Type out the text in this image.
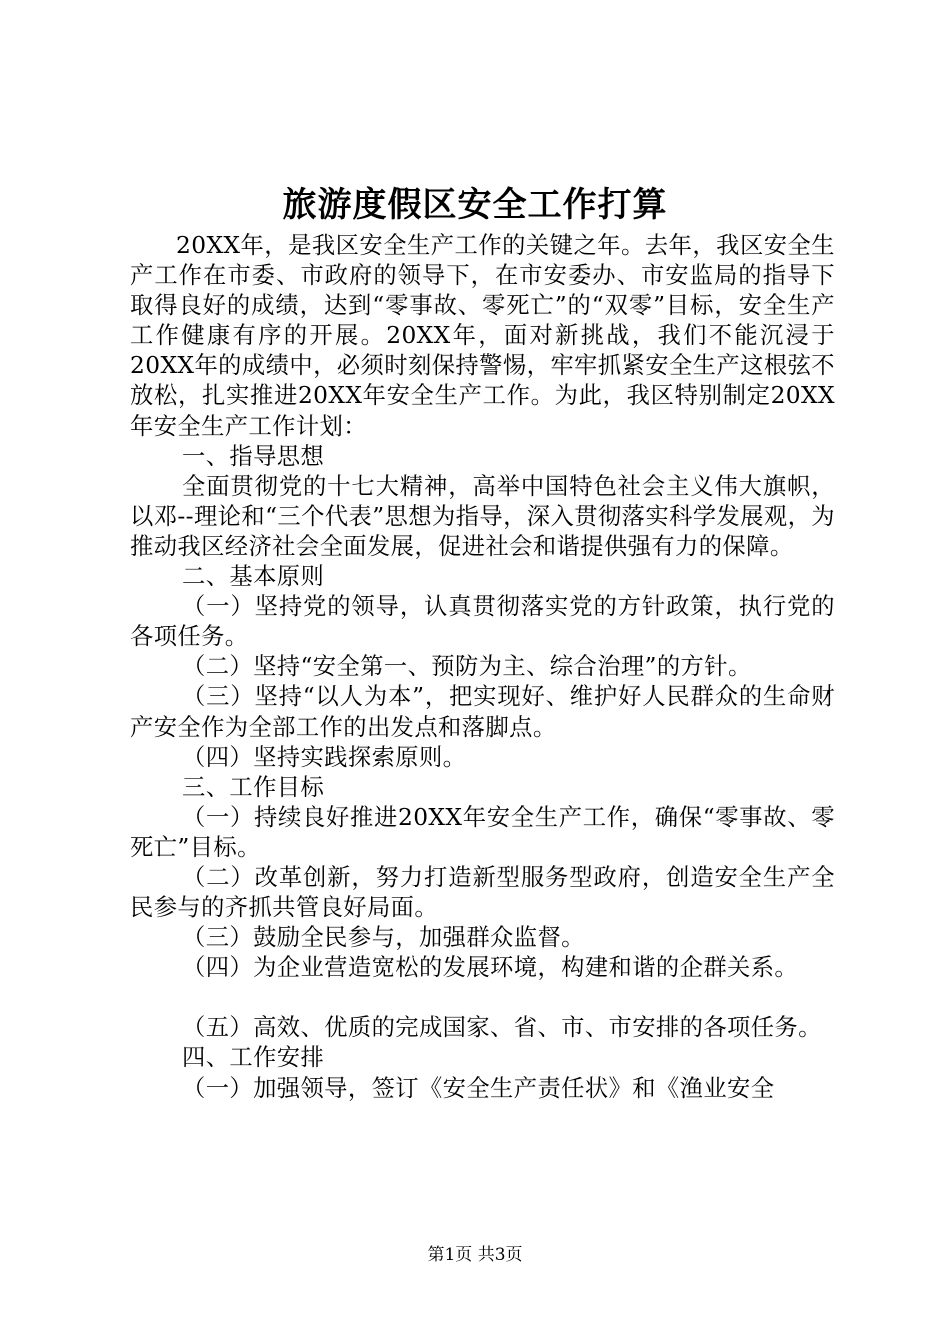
旅游度假区安全工作打算

20XX年，是我区安全生产工作的关键之年。去年，我区安全生产工作在市委、市政府的领导下，在市安委办、市安监局的指导下取得良好的成绩，达到“零事故、零死亡”的“双零”目标，安全生产工作健康有序的开展。20XX年，面对新挑战，我们不能沉浸于20XX年的成绩中，必须时刻保持警惕，牢牢抓紧安全生产这根弦不放松，扎实推进20XX年安全生产工作。为此，我区特别制定20XX年安全生产工作计划：

一、指导思想

全面贯彻党的十七大精神，高举中国特色社会主义伟大旗帜，以邓--理论和“三个代表”思想为指导，深入贯彻落实科学发展观，为推动我区经济社会全面发展，促进社会和谐提供强有力的保障。

二、基本原则

（一）坚持党的领导，认真贯彻落实党的方针政策，执行党的各项任务。

（二）坚持“安全第一、预防为主、综合治理”的方针。

（三）坚持“以人为本”，把实现好、维护好人民群众的生命财产安全作为全部工作的出发点和落脚点。

（四）坚持实践探索原则。

三、工作目标

（一）持续良好推进20XX年安全生产工作，确保“零事故、零死亡”目标。

（二）改革创新，努力打造新型服务型政府，创造安全生产全民参与的齐抓共管良好局面。

（三）鼓励全民参与，加强群众监督。

（四）为企业营造宽松的发展环境，构建和谐的企群关系。

（五）高效、优质的完成国家、省、市、市安排的各项任务。

四、工作安排

（一）加强领导，签订《安全生产责任状》和《渔业安全

第1页 共3页
